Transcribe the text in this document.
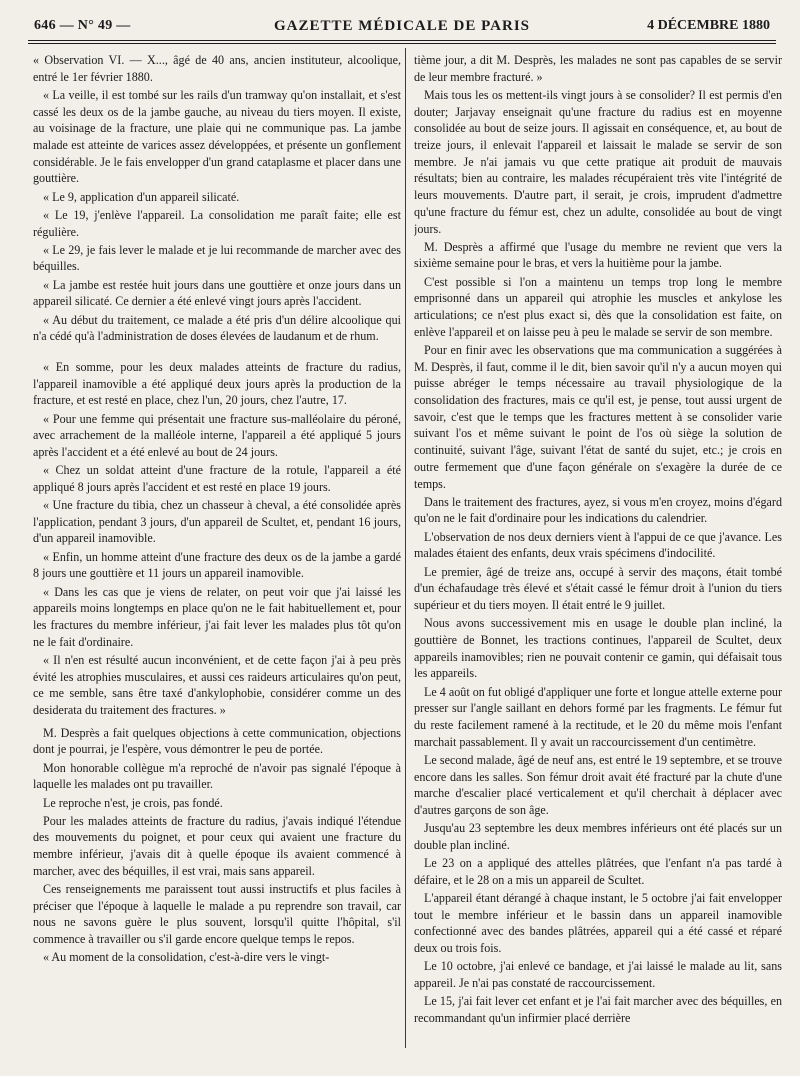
646 — N° 49 —	GAZETTE MÉDICALE DE PARIS	4 DÉCEMBRE 1880

« Observation VI. — X..., âgé de 40 ans, ancien instituteur, alcoolique, entré le 1er février 1880.

« La veille, il est tombé sur les rails d'un tramway qu'on installait, et s'est cassé les deux os de la jambe gauche, au niveau du tiers moyen. Il existe, au voisinage de la fracture, une plaie qui ne communique pas. La jambe malade est atteinte de varices assez développées, et présente un gonflement considérable. Je le fais envelopper d'un grand cataplasme et placer dans une gouttière.

« Le 9, application d'un appareil silicaté.

« Le 19, j'enlève l'appareil. La consolidation me paraît faite; elle est régulière.

« Le 29, je fais lever le malade et je lui recommande de marcher avec des béquilles.

« La jambe est restée huit jours dans une gouttière et onze jours dans un appareil silicaté. Ce dernier a été enlevé vingt jours après l'accident.

« Au début du traitement, ce malade a été pris d'un délire alcoolique qui n'a cédé qu'à l'administration de doses élevées de laudanum et de rhum.

« En somme, pour les deux malades atteints de fracture du radius, l'appareil inamovible a été appliqué deux jours après la production de la fracture, et est resté en place, chez l'un, 20 jours, chez l'autre, 17.

« Pour une femme qui présentait une fracture sus-malléolaire du péroné, avec arrachement de la malléole interne, l'appareil a été appliqué 5 jours après l'accident et a été enlevé au bout de 24 jours.

« Chez un soldat atteint d'une fracture de la rotule, l'appareil a été appliqué 8 jours après l'accident et est resté en place 19 jours.

« Une fracture du tibia, chez un chasseur à cheval, a été consolidée après l'application, pendant 3 jours, d'un appareil de Scultet, et, pendant 16 jours, d'un appareil inamovible.

« Enfin, un homme atteint d'une fracture des deux os de la jambe a gardé 8 jours une gouttière et 11 jours un appareil inamovible.

« Dans les cas que je viens de relater, on peut voir que j'ai laissé les appareils moins longtemps en place qu'on ne le fait habituellement et, pour les fractures du membre inférieur, j'ai fait lever les malades plus tôt qu'on ne le fait d'ordinaire.

« Il n'en est résulté aucun inconvénient, et de cette façon j'ai à peu près évité les atrophies musculaires, et aussi ces raideurs articulaires qu'on peut, ce me semble, sans être taxé d'ankylophobie, considérer comme un des desiderata du traitement des fractures. »

M. Desprès a fait quelques objections à cette communication, objections dont je pourrai, je l'espère, vous démontrer le peu de portée.

Mon honorable collègue m'a reproché de n'avoir pas signalé l'époque à laquelle les malades ont pu travailler.

Le reproche n'est, je crois, pas fondé.

Pour les malades atteints de fracture du radius, j'avais indiqué l'étendue des mouvements du poignet, et pour ceux qui avaient une fracture du membre inférieur, j'avais dit à quelle époque ils avaient commencé à marcher, avec des béquilles, il est vrai, mais sans appareil.

Ces renseignements me paraissent tout aussi instructifs et plus faciles à préciser que l'époque à laquelle le malade a pu reprendre son travail, car nous ne savons guère le plus souvent, lorsqu'il quitte l'hôpital, s'il commence à travailler ou s'il garde encore quelque temps le repos.

« Au moment de la consolidation, c'est-à-dire vers le vingt-

tième jour, a dit M. Desprès, les malades ne sont pas capables de se servir de leur membre fracturé. »

Mais tous les os mettent-ils vingt jours à se consolider? Il est permis d'en douter; Jarjavay enseignait qu'une fracture du radius est en moyenne consolidée au bout de seize jours. Il agissait en conséquence, et, au bout de treize jours, il enlevait l'appareil et laissait le malade se servir de son membre. Je n'ai jamais vu que cette pratique ait produit de mauvais résultats; bien au contraire, les malades récupéraient très vite l'intégrité de leurs mouvements. D'autre part, il serait, je crois, imprudent d'admettre qu'une fracture du fémur est, chez un adulte, consolidée au bout de vingt jours.

M. Desprès a affirmé que l'usage du membre ne revient que vers la sixième semaine pour le bras, et vers la huitième pour la jambe.

C'est possible si l'on a maintenu un temps trop long le membre emprisonné dans un appareil qui atrophie les muscles et ankylose les articulations; ce n'est plus exact si, dès que la consolidation est faite, on enlève l'appareil et on laisse peu à peu le malade se servir de son membre.

Pour en finir avec les observations que ma communication a suggérées à M. Desprès, il faut, comme il le dit, bien savoir qu'il n'y a aucun moyen qui puisse abréger le temps nécessaire au travail physiologique de la consolidation des fractures, mais ce qu'il est, je pense, tout aussi urgent de savoir, c'est que le temps que les fractures mettent à se consolider varie suivant l'os et même suivant le point de l'os où siège la solution de continuité, suivant l'âge, suivant l'état de santé du sujet, etc.; je crois en outre fermement que d'une façon générale on s'exagère la durée de ce temps.

Dans le traitement des fractures, ayez, si vous m'en croyez, moins d'égard qu'on ne le fait d'ordinaire pour les indications du calendrier.

L'observation de nos deux derniers vient à l'appui de ce que j'avance. Les malades étaient des enfants, deux vrais spécimens d'indocilité.

Le premier, âgé de treize ans, occupé à servir des maçons, était tombé d'un échafaudage très élevé et s'était cassé le fémur droit à l'union du tiers supérieur et du tiers moyen. Il était entré le 9 juillet.

Nous avons successivement mis en usage le double plan incliné, la gouttière de Bonnet, les tractions continues, l'appareil de Scultet, deux appareils inamovibles; rien ne pouvait contenir ce gamin, qui défaisait tous les appareils.

Le 4 août on fut obligé d'appliquer une forte et longue attelle externe pour presser sur l'angle saillant en dehors formé par les fragments. Le fémur fut du reste facilement ramené à la rectitude, et le 20 du même mois l'enfant marchait passablement. Il y avait un raccourcissement d'un centimètre.

Le second malade, âgé de neuf ans, est entré le 19 septembre, et se trouve encore dans les salles. Son fémur droit avait été fracturé par la chute d'une marche d'escalier placé verticalement et qu'il cherchait à déplacer avec d'autres garçons de son âge.

Jusqu'au 23 septembre les deux membres inférieurs ont été placés sur un double plan incliné.

Le 23 on a appliqué des attelles plâtrées, que l'enfant n'a pas tardé à défaire, et le 28 on a mis un appareil de Scultet.

L'appareil étant dérangé à chaque instant, le 5 octobre j'ai fait envelopper tout le membre inférieur et le bassin dans un appareil inamovible confectionné avec des bandes plâtrées, appareil qui a été cassé et réparé deux ou trois fois.

Le 10 octobre, j'ai enlevé ce bandage, et j'ai laissé le malade au lit, sans appareil. Je n'ai pas constaté de raccourcissement.

Le 15, j'ai fait lever cet enfant et je l'ai fait marcher avec des béquilles, en recommandant qu'un infirmier placé derrière
